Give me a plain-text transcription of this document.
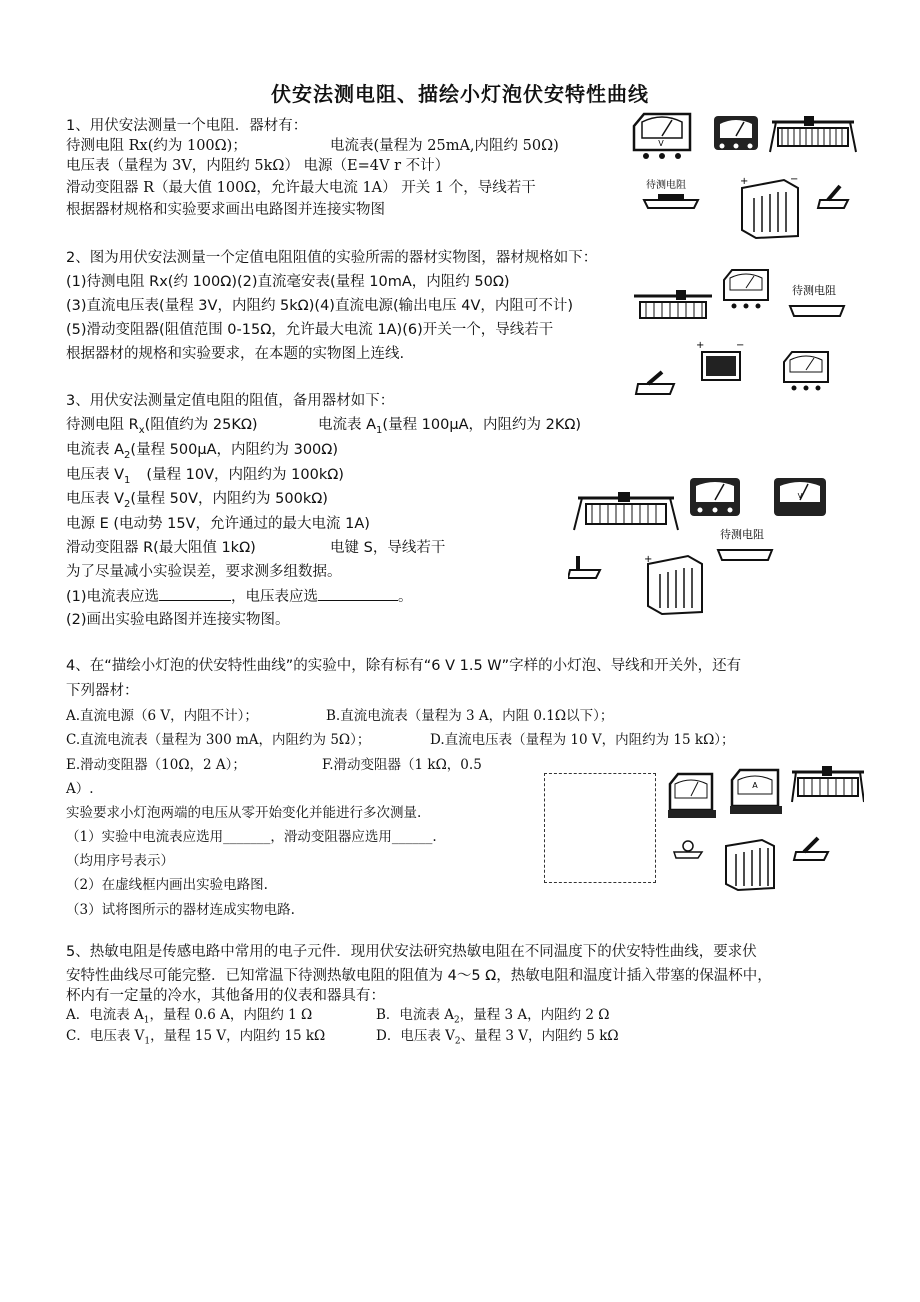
伏安法测电阻、描绘小灯泡伏安特性曲线
1、用伏安法测量一个电阻．器材有：
待测电阻 Rx(约为 100Ω)；	电流表(量程为 25mA,内阻约 50Ω)
电压表（量程为 3V，内阻约 5kΩ） 电源（E=4V r 不计）
滑动变阻器 R（最大值 100Ω，允许最大电流 1A） 开关 1 个，导线若干
根据器材规格和实验要求画出电路图并连接实物图
V
待测电阻	+	−
2、图为用伏安法测量一个定值电阻阻值的实验所需的器材实物图，器材规格如下：
(1)待测电阻 Rx(约 100Ω)(2)直流毫安表(量程 10mA，内阻约 50Ω)
(3)直流电压表(量程 3V，内阻约 5kΩ)(4)直流电源(输出电压 4V，内阻可不计)
(5)滑动变阻器(阻值范围 0-15Ω，允许最大电流 1A)(6)开关一个，导线若干
根据器材的规格和实验要求，在本题的实物图上连线.
待测电阻
+	−
3、用伏安法测量定值电阻的阻值，备用器材如下：
待测电阻 $R_x$(阻值约为 25KΩ)	电流表 $A_1$(量程 100μA，内阻约为 2KΩ)
电流表 $A_2$(量程 500μA，内阻约为 300Ω)
电压表 $V_1$ (量程 10V，内阻约为 100kΩ)
电压表 $V_2$(量程 50V，内阻约为 500kΩ)
电源 E (电动势 15V，允许通过的最大电流 1A)
滑动变阻器 R(最大阻值 1kΩ)	电键 S，导线若干
为了尽量减小实验误差，要求测多组数据。
(1)电流表应选	，电压表应选	。
(2)画出实验电路图并连接实物图。
V
待测电阻
+
4、在“描绘小灯泡的伏安特性曲线”的实验中，除有标有“6 V 1.5 W”字样的小灯泡、导线和开关外，还有
下列器材：
A.直流电源（6 V，内阻不计）；	B.直流电流表（量程为 3 A，内阻 0.1Ω以下）；
C.直流电流表（量程为 300 mA，内阻约为 5Ω）；	D.直流电压表（量程为 10 V，内阻约为 15 kΩ）；
E.滑动变阻器（10Ω，2 A）；	F.滑动变阻器（1 kΩ，0.5
A）.
实验要求小灯泡两端的电压从零开始变化并能进行多次测量.
（1）实验中电流表应选用_______，滑动变阻器应选用______.
（均用序号表示）
（2）在虚线框内画出实验电路图.
（3）试将图所示的器材连成实物电路.
A
5、热敏电阻是传感电路中常用的电子元件．现用伏安法研究热敏电阻在不同温度下的伏安特性曲线，要求伏
安特性曲线尽可能完整．已知常温下待测热敏电阻的阻值为 4～5 Ω，热敏电阻和温度计插入带塞的保温杯中，
杯内有一定量的冷水，其他备用的仪表和器具有：
A．电流表 $A_1$，量程 0.6 A，内阻约 1 Ω	B．电流表 $A_2$，量程 3 A，内阻约 2 Ω
C．电压表 $V_1$，量程 15 V，内阻约 15 kΩ	D．电压表 $V_2$、量程 3 V，内阻约 5 kΩ
